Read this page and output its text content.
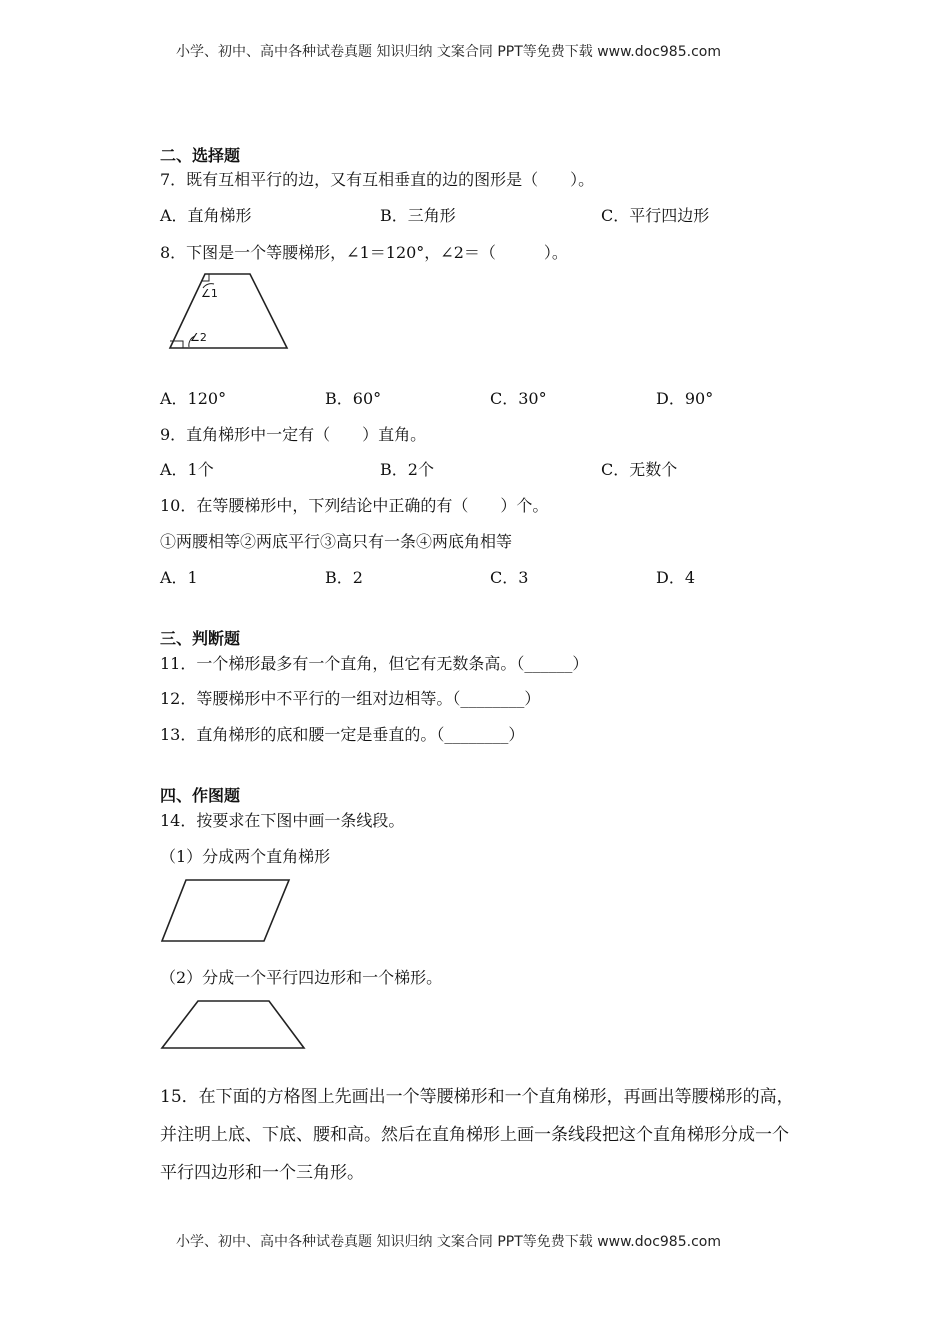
小学、初中、高中各种试卷真题 知识归纳 文案合同 PPT等免费下载 www.doc985.com
二、选择题
7．既有互相平行的边，又有互相垂直的边的图形是（　　）。
A．直角梯形	B．三角形	C．平行四边形
8．下图是一个等腰梯形，∠1＝120°，∠2＝（　　　）。
∠1
∠2
A．120°	B．60°	C．30°	D．90°
9．直角梯形中一定有（　　）直角。
A．1个	B．2个	C．无数个
10．在等腰梯形中，下列结论中正确的有（　　）个。
①两腰相等②两底平行③高只有一条④两底角相等
A．1	B．2	C．3	D．4
三、判断题
11．一个梯形最多有一个直角，但它有无数条高。（______）
12．等腰梯形中不平行的一组对边相等。（________）
13．直角梯形的底和腰一定是垂直的。（________）
四、作图题
14．按要求在下图中画一条线段。
（1）分成两个直角梯形
（2）分成一个平行四边形和一个梯形。
15．在下面的方格图上先画出一个等腰梯形和一个直角梯形，再画出等腰梯形的高，并注明上底、下底、腰和高。然后在直角梯形上画一条线段把这个直角梯形分成一个平行四边形和一个三角形。
小学、初中、高中各种试卷真题 知识归纳 文案合同 PPT等免费下载 www.doc985.com
